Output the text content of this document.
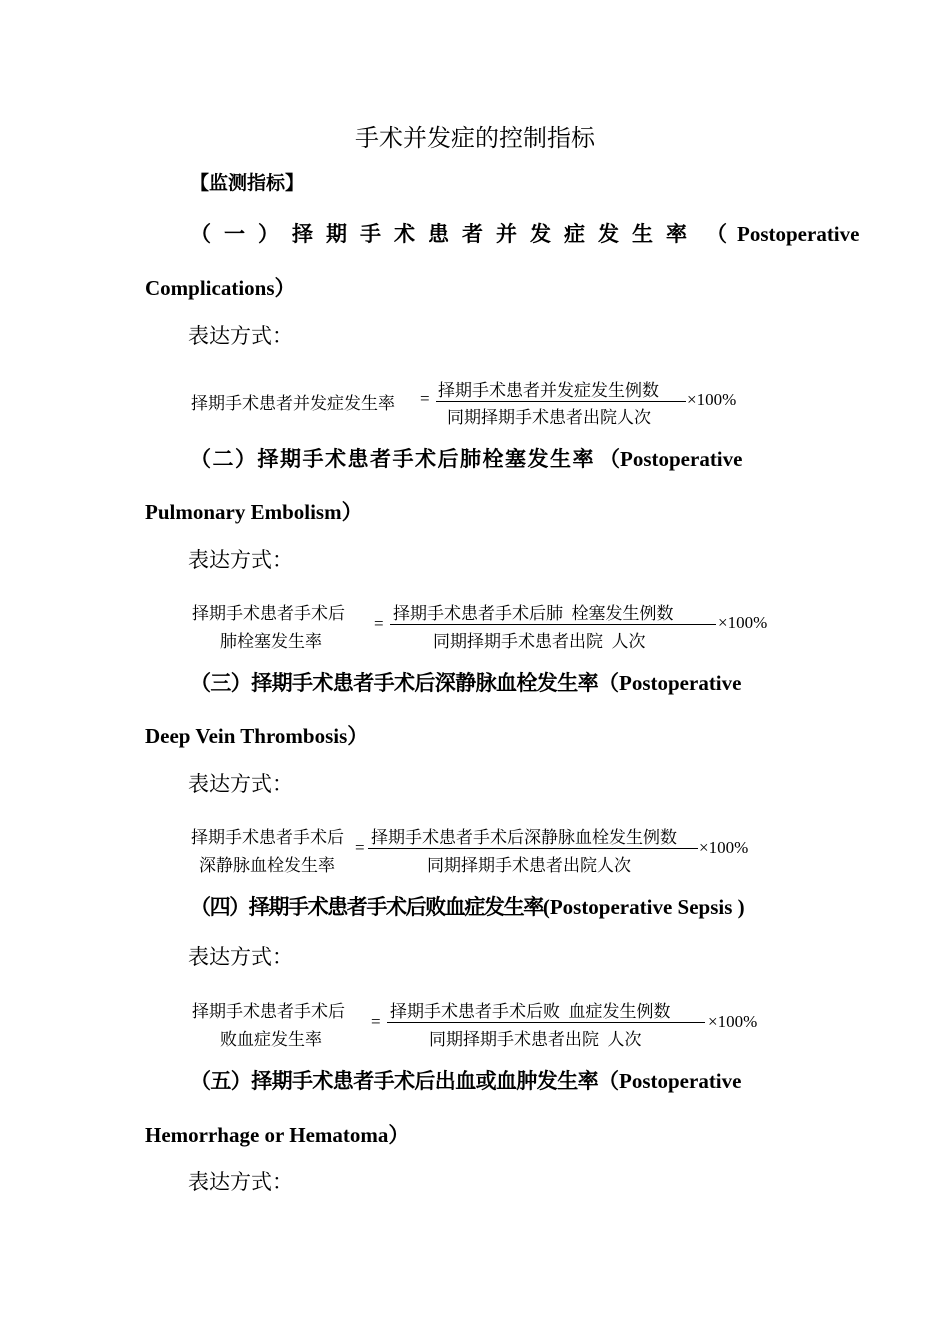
手术并发症的控制指标
【监测指标】
（一）择期手术患者并发症发生率 （ Postoperative
Complications）
表达方式：
择期手术患者并发症发生率 = 择期手术患者并发症发生例数
同期择期手术患者出院人次
×100%
（二）择期手术患者手术后肺栓塞发生率 （Postoperative
Pulmonary Embolism）
表达方式：
择期手术患者手术后
肺栓塞发生率
=
择期手术患者手术后肺  栓塞发生例数
同期择期手术患者出院  人次
×100%
（三）择期手术患者手术后深静脉血栓发生率（Postoperative
Deep Vein Thrombosis）
表达方式：
择期手术患者手术后
深静脉血栓发生率
=
择期手术患者手术后深静脉血栓发生例数
同期择期手术患者出院人次
×100%
（四）择期手术患者手术后败血症发生率(Postoperative Sepsis )
表达方式：
择期手术患者手术后
败血症发生率
=
择期手术患者手术后败  血症发生例数
同期择期手术患者出院  人次
×100%
（五）择期手术患者手术后出血或血肿发生率（Postoperative
Hemorrhage or Hematoma）
表达方式：
